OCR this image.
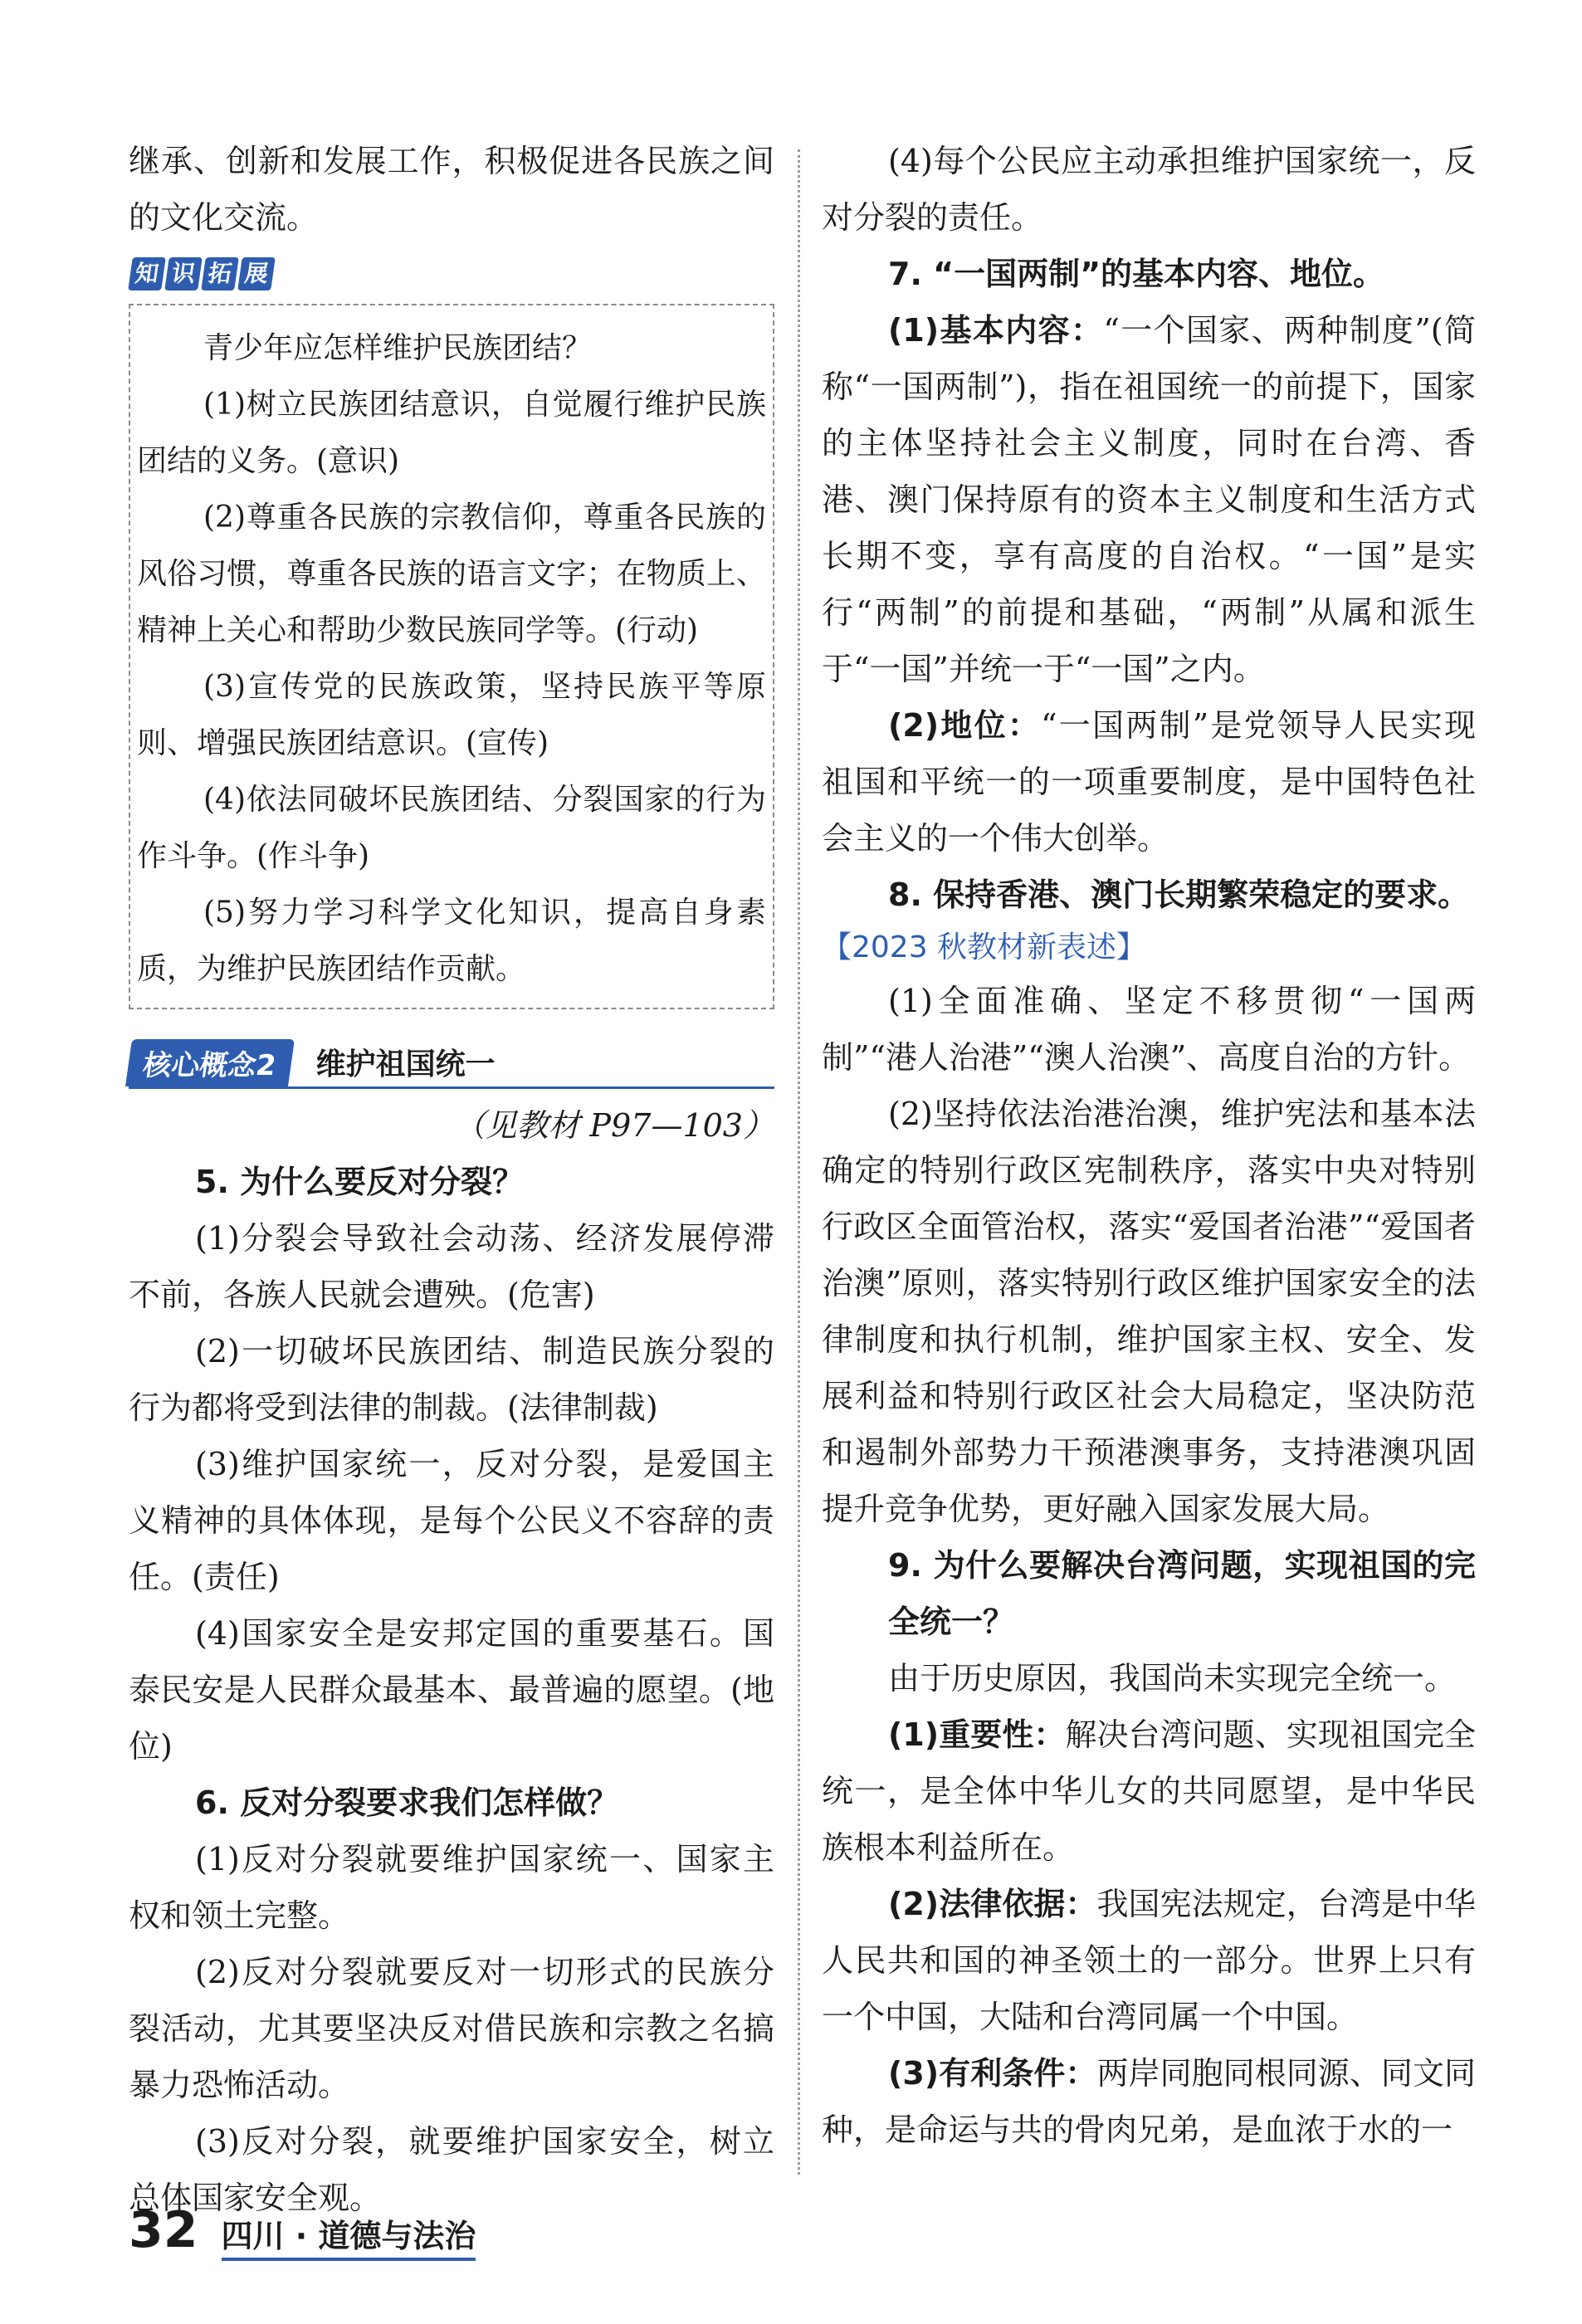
继承、创新和发展工作，积极促进各民族之间的文化交流。

知 识 拓 展

青少年应怎样维护民族团结？

(1)树立民族团结意识，自觉履行维护民族团结的义务。(意识)

(2)尊重各民族的宗教信仰，尊重各民族的风俗习惯，尊重各民族的语言文字；在物质上、精神上关心和帮助少数民族同学等。(行动)

(3)宣传党的民族政策，坚持民族平等原则、增强民族团结意识。(宣传)

(4)依法同破坏民族团结、分裂国家的行为作斗争。(作斗争)

(5)努力学习科学文化知识，提高自身素质，为维护民族团结作贡献。

核心概念2	维护祖国统一

（见教材 P97—103）

5. 为什么要反对分裂？

(1)分裂会导致社会动荡、经济发展停滞不前，各族人民就会遭殃。(危害)

(2)一切破坏民族团结、制造民族分裂的行为都将受到法律的制裁。(法律制裁)

(3)维护国家统一，反对分裂，是爱国主义精神的具体体现，是每个公民义不容辞的责任。(责任)

(4)国家安全是安邦定国的重要基石。国泰民安是人民群众最基本、最普遍的愿望。(地位)

6. 反对分裂要求我们怎样做？

(1)反对分裂就要维护国家统一、国家主权和领土完整。

(2)反对分裂就要反对一切形式的民族分裂活动，尤其要坚决反对借民族和宗教之名搞暴力恐怖活动。

(3)反对分裂，就要维护国家安全，树立总体国家安全观。

(4)每个公民应主动承担维护国家统一，反对分裂的责任。

7. “一国两制”的基本内容、地位。

(1)基本内容：“一个国家、两种制度”(简称“一国两制”)，指在祖国统一的前提下，国家的主体坚持社会主义制度，同时在台湾、香港、澳门保持原有的资本主义制度和生活方式长期不变，享有高度的自治权。“一国”是实行“两制”的前提和基础，“两制”从属和派生于“一国”并统一于“一国”之内。

(2)地位：“一国两制”是党领导人民实现祖国和平统一的一项重要制度，是中国特色社会主义的一个伟大创举。

8. 保持香港、澳门长期繁荣稳定的要求。

【2023 秋教材新表述】

(1)全面准确、坚定不移贯彻“一国两制”“港人治港”“澳人治澳”、高度自治的方针。

(2)坚持依法治港治澳，维护宪法和基本法确定的特别行政区宪制秩序，落实中央对特别行政区全面管治权，落实“爱国者治港”“爱国者治澳”原则，落实特别行政区维护国家安全的法律制度和执行机制，维护国家主权、安全、发展利益和特别行政区社会大局稳定，坚决防范和遏制外部势力干预港澳事务，支持港澳巩固提升竞争优势，更好融入国家发展大局。

9. 为什么要解决台湾问题，实现祖国的完全统一？

由于历史原因，我国尚未实现完全统一。

(1)重要性：解决台湾问题、实现祖国完全统一，是全体中华儿女的共同愿望，是中华民族根本利益所在。

(2)法律依据：我国宪法规定，台湾是中华人民共和国的神圣领土的一部分。世界上只有一个中国，大陆和台湾同属一个中国。

(3)有利条件：两岸同胞同根同源、同文同种，是命运与共的骨肉兄弟，是血浓于水的一

32 四川 · 道德与法治
